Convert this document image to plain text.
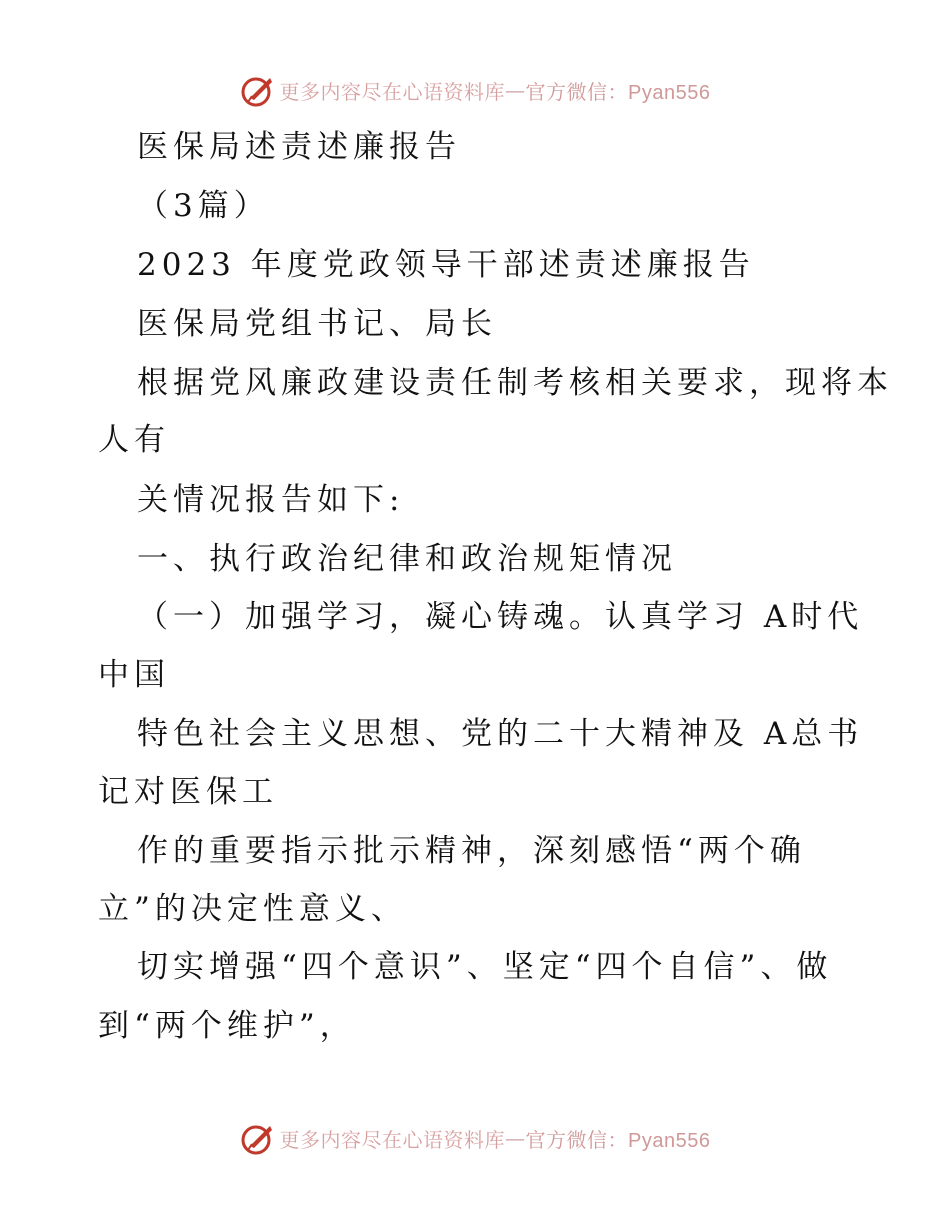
更多内容尽在心语资料库 — 官方微信：Pyan556
医保局述责述廉报告
（3篇）
2023 年度党政领导干部述责述廉报告
医保局党组书记、局长
根据党风廉政建设责任制考核相关要求，现将本
人有
关情况报告如下:
一、执行政治纪律和政治规矩情况
（一）加强学习，凝心铸魂。认真学习 A时代
中国
特色社会主义思想、党的二十大精神及 A总书
记对医保工
作的重要指示批示精神，深刻感悟“两个确
立”的决定性意义、
切实增强“四个意识”、坚定“四个自信”、做
到“两个维护”，
更多内容尽在心语资料库 — 官方微信：Pyan556
